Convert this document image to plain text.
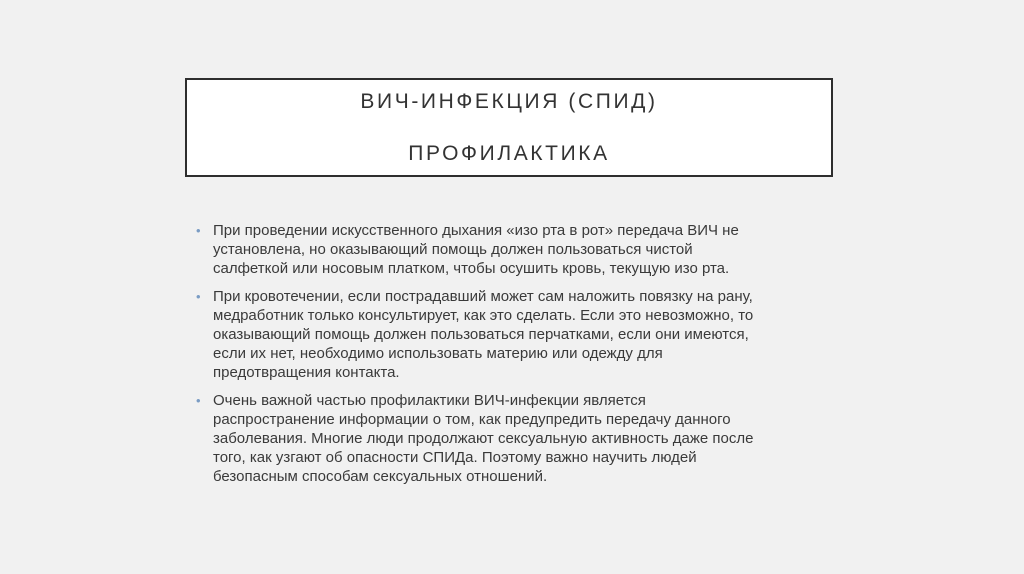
ВИЧ-ИНФЕКЦИЯ (СПИД)
ПРОФИЛАКТИКА
• При проведении искусственного дыхания «изо рта в рот» передача ВИЧ не
установлена, но оказывающий помощь должен пользоваться чистой
салфеткой или носовым платком, чтобы осушить кровь, текущую изо рта.
• При кровотечении, если пострадавший может сам наложить повязку на рану,
медработник только консультирует, как это сделать. Если это невозможно, то
оказывающий помощь должен пользоваться перчатками, если они имеются,
если их нет, необходимо использовать материю или одежду для
предотвращения контакта.
• Очень важной частью профилактики ВИЧ-инфекции является
распространение информации о том, как предупредить передачу данного
заболевания. Многие люди продолжают сексуальную активность даже после
того, как узгают об опасности СПИДа. Поэтому важно научить людей
безопасным способам сексуальных отношений.
